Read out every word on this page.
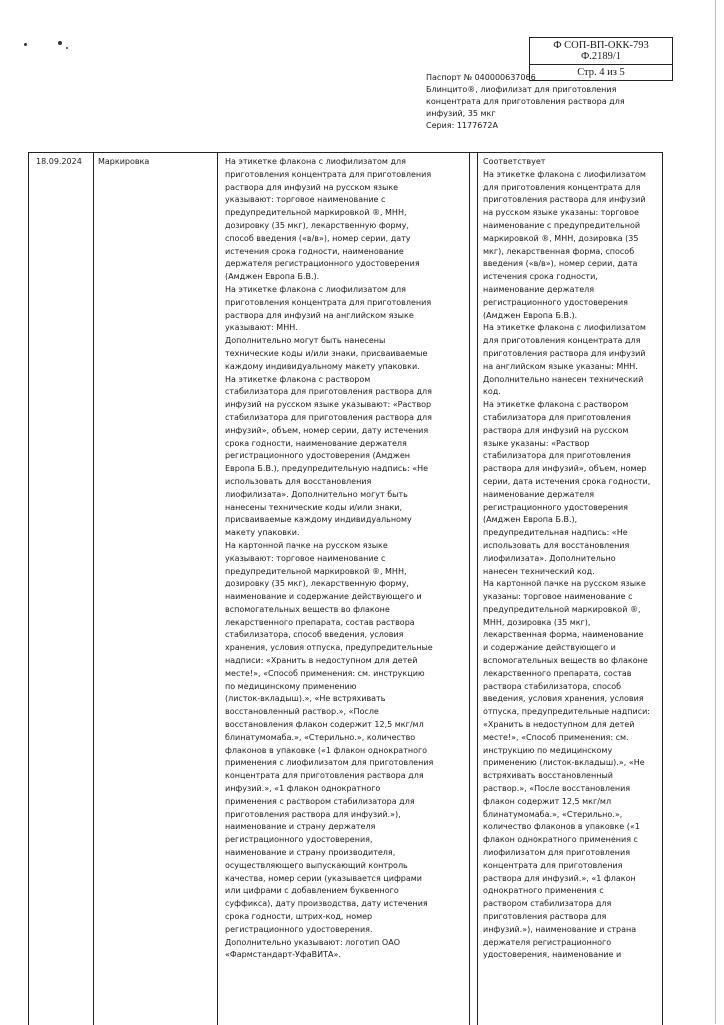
Ф СОП-ВП-ОКК-793 Ф.2189/1
Стр. 4 из 5
Паспорт № 040000637066
Блинцито®, лиофилизат для приготовления
концентрата для приготовления раствора для
инфузий, 35 мкг
Серия: 1177672А
18.09.2024	Маркировка	На этикетке флакона с лиофилизатом для
приготовления концентрата для приготовления
раствора для инфузий на русском языке
указывают: торговое наименование с
предупредительной маркировкой ®, МНН,
дозировку (35 мкг), лекарственную форму,
способ введения («в/в»), номер серии, дату
истечения срока годности, наименование
держателя регистрационного удостоверения
(Амджен Европа Б.В.).
На этикетке флакона с лиофилизатом для
приготовления концентрата для приготовления
раствора для инфузий на английском языке
указывают: МНН.
Дополнительно могут быть нанесены
технические коды и/или знаки, присваиваемые
каждому индивидуальному макету упаковки.
На этикетке флакона с раствором
стабилизатора для приготовления раствора для
инфузий на русском языке указывают: «Раствор
стабилизатора для приготовления раствора для
инфузий», объем, номер серии, дату истечения
срока годности, наименование держателя
регистрационного удостоверения (Амджен
Европа Б.В.), предупредительную надпись: «Не
использовать для восстановления
лиофилизата». Дополнительно могут быть
нанесены технические коды и/или знаки,
присваиваемые каждому индивидуальному
макету упаковки.
На картонной пачке на русском языке
указывают: торговое наименование с
предупредительной маркировкой ®, МНН,
дозировку (35 мкг), лекарственную форму,
наименование и содержание действующего и
вспомогательных веществ во флаконе
лекарственного препарата, состав раствора
стабилизатора, способ введения, условия
хранения, условия отпуска, предупредительные
надписи: «Хранить в недоступном для детей
месте!», «Способ применения: см. инструкцию
по медицинскому применению
(листок-вкладыш).», «Не встряхивать
восстановленный раствор.», «После
восстановления флакон содержит 12,5 мкг/мл
блинатумомаба.», «Стерильно.», количество
флаконов в упаковке («1 флакон однократного
применения с лиофилизатом для приготовления
концентрата для приготовления раствора для
инфузий.», «1 флакон однократного
применения с раствором стабилизатора для
приготовления раствора для инфузий.»),
наименование и страну держателя
регистрационного удостоверения,
наименование и страну производителя,
осуществляющего выпускающий контроль
качества, номер серии (указывается цифрами
или цифрами с добавлением буквенного
суффикса), дату производства, дату истечения
срока годности, штрих-код, номер
регистрационного удостоверения.
Дополнительно указывают: логотип ОАО
«Фармстандарт-УфаВИТА».
Соответствует
На этикетке флакона с лиофилизатом
для приготовления концентрата для
приготовления раствора для инфузий
на русском языке указаны: торговое
наименование с предупредительной
маркировкой ®, МНН, дозировка (35
мкг), лекарственная форма, способ
введения («в/в»), номер серии, дата
истечения срока годности,
наименование держателя
регистрационного удостоверения
(Амджен Европа Б.В.).
На этикетке флакона с лиофилизатом
для приготовления концентрата для
приготовления раствора для инфузий
на английском языке указаны: МНН.
Дополнительно нанесен технический
код.
На этикетке флакона с раствором
стабилизатора для приготовления
раствора для инфузий на русском
языке указаны: «Раствор
стабилизатора для приготовления
раствора для инфузий», объем, номер
серии, дата истечения срока годности,
наименование держателя
регистрационного удостоверения
(Амджен Европа Б.В.),
предупредительная надпись: «Не
использовать для восстановления
лиофилизата». Дополнительно
нанесен технический код.
На картонной пачке на русском языке
указаны: торговое наименование с
предупредительной маркировкой ®,
МНН, дозировка (35 мкг),
лекарственная форма, наименование
и содержание действующего и
вспомогательных веществ во флаконе
лекарственного препарата, состав
раствора стабилизатора, способ
введения, условия хранения, условия
отпуска, предупредительные надписи:
«Хранить в недоступном для детей
месте!», «Способ применения: см.
инструкцию по медицинскому
применению (листок-вкладыш).», «Не
встряхивать восстановленный
раствор.», «После восстановления
флакон содержит 12,5 мкг/мл
блинатумомаба.», «Стерильно.»,
количество флаконов в упаковке («1
флакон однократного применения с
лиофилизатом для приготовления
концентрата для приготовления
раствора для инфузий.», «1 флакон
однократного применения с
раствором стабилизатора для
приготовления раствора для
инфузий.»), наименование и страна
держателя регистрационного
удостоверения, наименование и
